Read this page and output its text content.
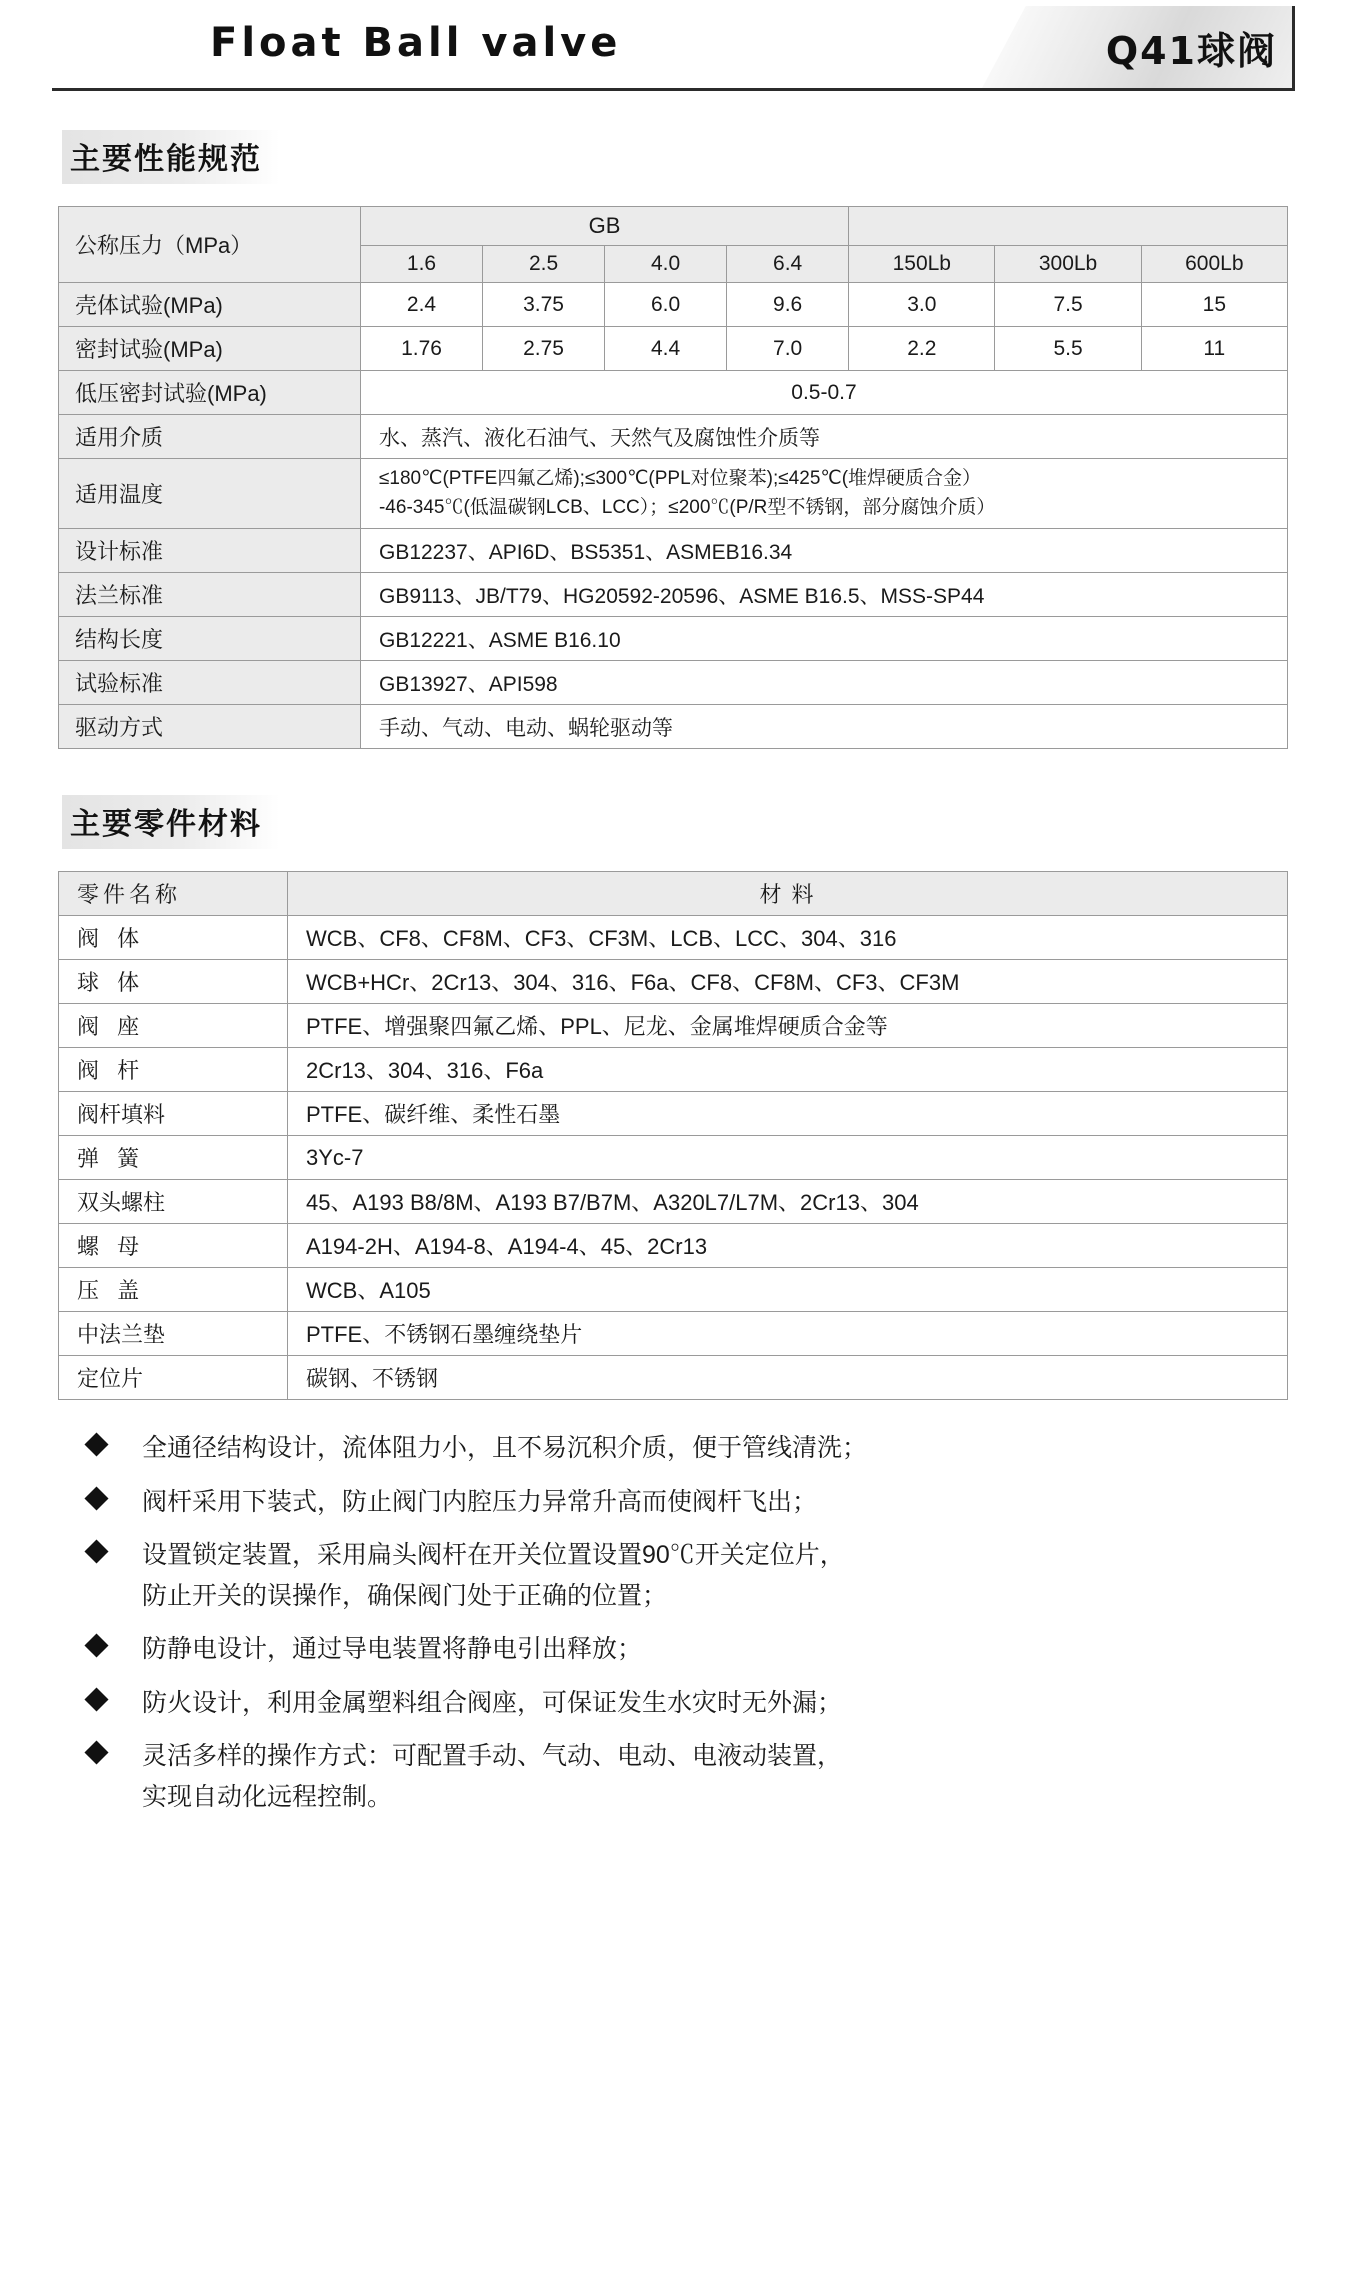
Float Ball valve	Q41球阀
主要性能规范
公称压力（MPa）	GB						
	1.6	2.5	4.0	6.4	150Lb	300Lb	600Lb
壳体试验(MPa)	2.4	3.75	6.0	9.6	3.0	7.5	15
密封试验(MPa)	1.76	2.75	4.4	7.0	2.2	5.5	11
低压密封试验(MPa)	0.5-0.7						
适用介质	水、蒸汽、液化石油气、天然气及腐蚀性介质等						
适用温度	≤180℃(PTFE四氟乙烯);≤300℃(PPL对位聚苯);≤425℃(堆焊硬质合金）
-46-345℃(低温碳钢LCB、LCC）；≤200℃(P/R型不锈钢，部分腐蚀介质）						

设计标准	GB12237、API6D、BS5351、ASMEB16.34						
法兰标准	GB9113、JB/T79、HG20592-20596、ASME B16.5、MSS-SP44						
结构长度	GB12221、ASME B16.10						
试验标准	GB13927、API598						
驱动方式	手动、气动、电动、蜗轮驱动等						
主要零件材料
零件名称	材 料
阀 体	WCB、CF8、CF8M、CF3、CF3M、LCB、LCC、304、316
球 体	WCB+HCr、2Cr13、304、316、F6a、CF8、CF8M、CF3、CF3M
阀 座	PTFE、增强聚四氟乙烯、PPL、尼龙、金属堆焊硬质合金等
阀 杆	2Cr13、304、316、F6a
阀杆填料	PTFE、碳纤维、柔性石墨
弹 簧	3Yc-7
双头螺柱	45、A193 B8/8M、A193 B7/B7M、A320L7/L7M、2Cr13、304
螺 母	A194-2H、A194-8、A194-4、45、2Cr13
压 盖	WCB、A105
中法兰垫	PTFE、不锈钢石墨缠绕垫片
定位片	碳钢、不锈钢
全通径结构设计，流体阻力小，且不易沉积介质，便于管线清洗；
阀杆采用下装式，防止阀门内腔压力异常升高而使阀杆飞出；
设置锁定装置，采用扁头阀杆在开关位置设置90℃开关定位片，
防止开关的误操作，确保阀门处于正确的位置；
防静电设计，通过导电装置将静电引出释放；
防火设计，利用金属塑料组合阀座，可保证发生水灾时无外漏；
灵活多样的操作方式：可配置手动、气动、电动、电液动装置，
实现自动化远程控制。
